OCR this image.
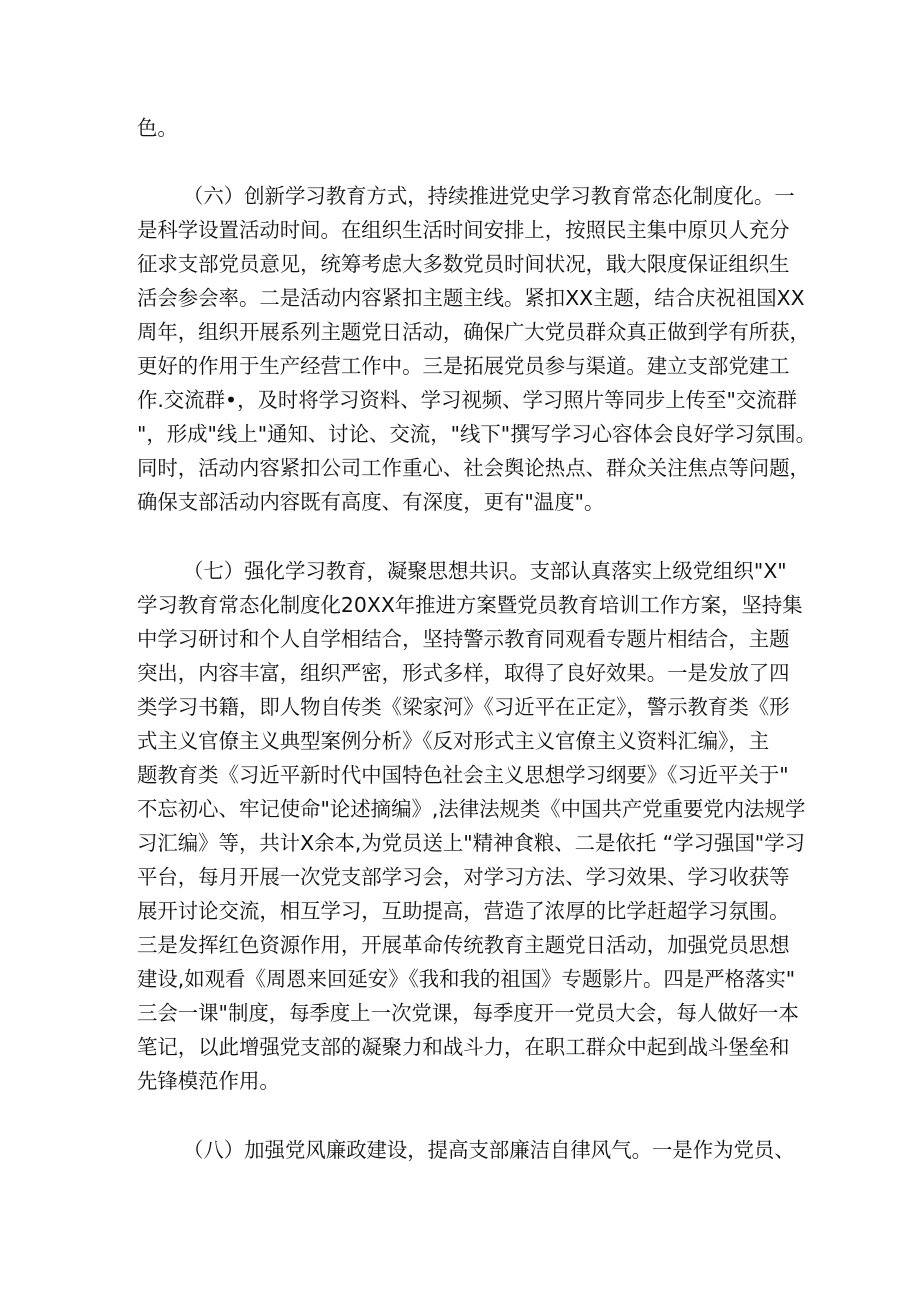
色。
（六）创新学习教育方式，持续推进党史学习教育常态化制度化。一
是科学设置活动时间。在组织生活时间安排上，按照民主集中原贝人充分
征求支部党员意见，统筹考虑大多数党员时间状况，戢大限度保证组织生
活会参会率。二是活动内容紧扣主题主线。紧扣XX主题，结合庆祝祖国XX
周年，组织开展系列主题党日活动，确保广大党员群众真正做到学有所获，
更好的作用于生产经营工作中。三是拓展党员参与渠道。建立支部党建工
作.交流群•，及时将学习资料、学习视频、学习照片等同步上传至"交流群
"，形成"线上"通知、讨论、交流，"线下"撰写学习心容体会良好学习氛围。
同时，活动内容紧扣公司工作重心、社会舆论热点、群众关注焦点等问题，
确保支部活动内容既有高度、有深度，更有"温度"。
（七）强化学习教育，凝聚思想共识。支部认真落实上级党组织"X"
学习教育常态化制度化20XX年推进方案暨党员教育培训工作方案，坚持集
中学习研讨和个人自学相结合，坚持警示教育同观看专题片相结合，主题
突出，内容丰富，组织严密，形式多样，取得了良好效果。一是发放了四
类学习书籍，即人物自传类《梁家河》《习近平在正定》，警示教育类《形
式主义官僚主义典型案例分析》《反对形式主义官僚主义资料汇编》，主
题教育类《习近平新时代中国特色社会主义思想学习纲要》《习近平关于"
不忘初心、牢记使命"论述摘编》,法律法规类《中国共产党重要党内法规学
习汇编》等，共计X余本,为党员送上"精神食粮、二是依托 “学习强国"学习
平台，每月开展一次党支部学习会，对学习方法、学习效果、学习收获等
展开讨论交流，相互学习，互助提高，营造了浓厚的比学赶超学习氛围。
三是发挥红色资源作用，开展革命传统教育主题党日活动，加强党员思想
建设,如观看《周恩来回延安》《我和我的祖国》专题影片。四是严格落实"
三会一课"制度，每季度上一次党课，每季度开一党员大会，每人做好一本
笔记，以此增强党支部的凝聚力和战斗力，在职工群众中起到战斗堡垒和
先锋模范作用。
（八）加强党风廉政建设，提高支部廉洁自律风气。一是作为党员、
